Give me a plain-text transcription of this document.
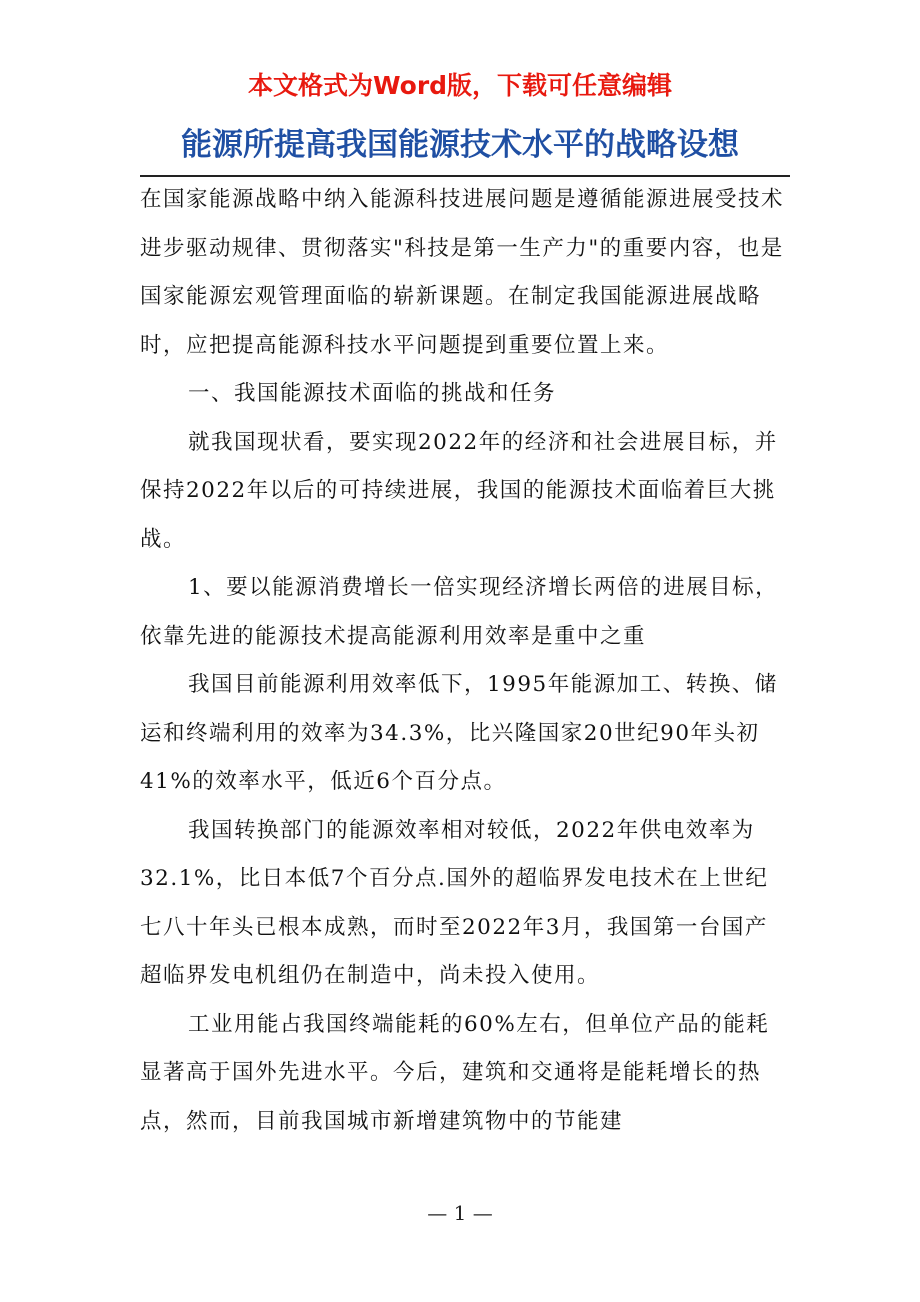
本文格式为Word版，下载可任意编辑
能源所提高我国能源技术水平的战略设想

在国家能源战略中纳入能源科技进展问题是遵循能源进展受技术进步驱动规律、贯彻落实"科技是第一生产力"的重要内容，也是国家能源宏观管理面临的崭新课题。在制定我国能源进展战略时，应把提高能源科技水平问题提到重要位置上来。

一、我国能源技术面临的挑战和任务

就我国现状看，要实现2022年的经济和社会进展目标，并保持2022年以后的可持续进展，我国的能源技术面临着巨大挑战。

1、要以能源消费增长一倍实现经济增长两倍的进展目标，依靠先进的能源技术提高能源利用效率是重中之重

我国目前能源利用效率低下，1995年能源加工、转换、储运和终端利用的效率为34.3%，比兴隆国家20世纪90年头初41%的效率水平，低近6个百分点。

我国转换部门的能源效率相对较低，2022年供电效率为32.1%，比日本低7个百分点.国外的超临界发电技术在上世纪七八十年头已根本成熟，而时至2022年3月，我国第一台国产超临界发电机组仍在制造中，尚未投入使用。

工业用能占我国终端能耗的60%左右，但单位产品的能耗显著高于国外先进水平。今后，建筑和交通将是能耗增长的热点，然而，目前我国城市新增建筑物中的节能建

— 1 —
